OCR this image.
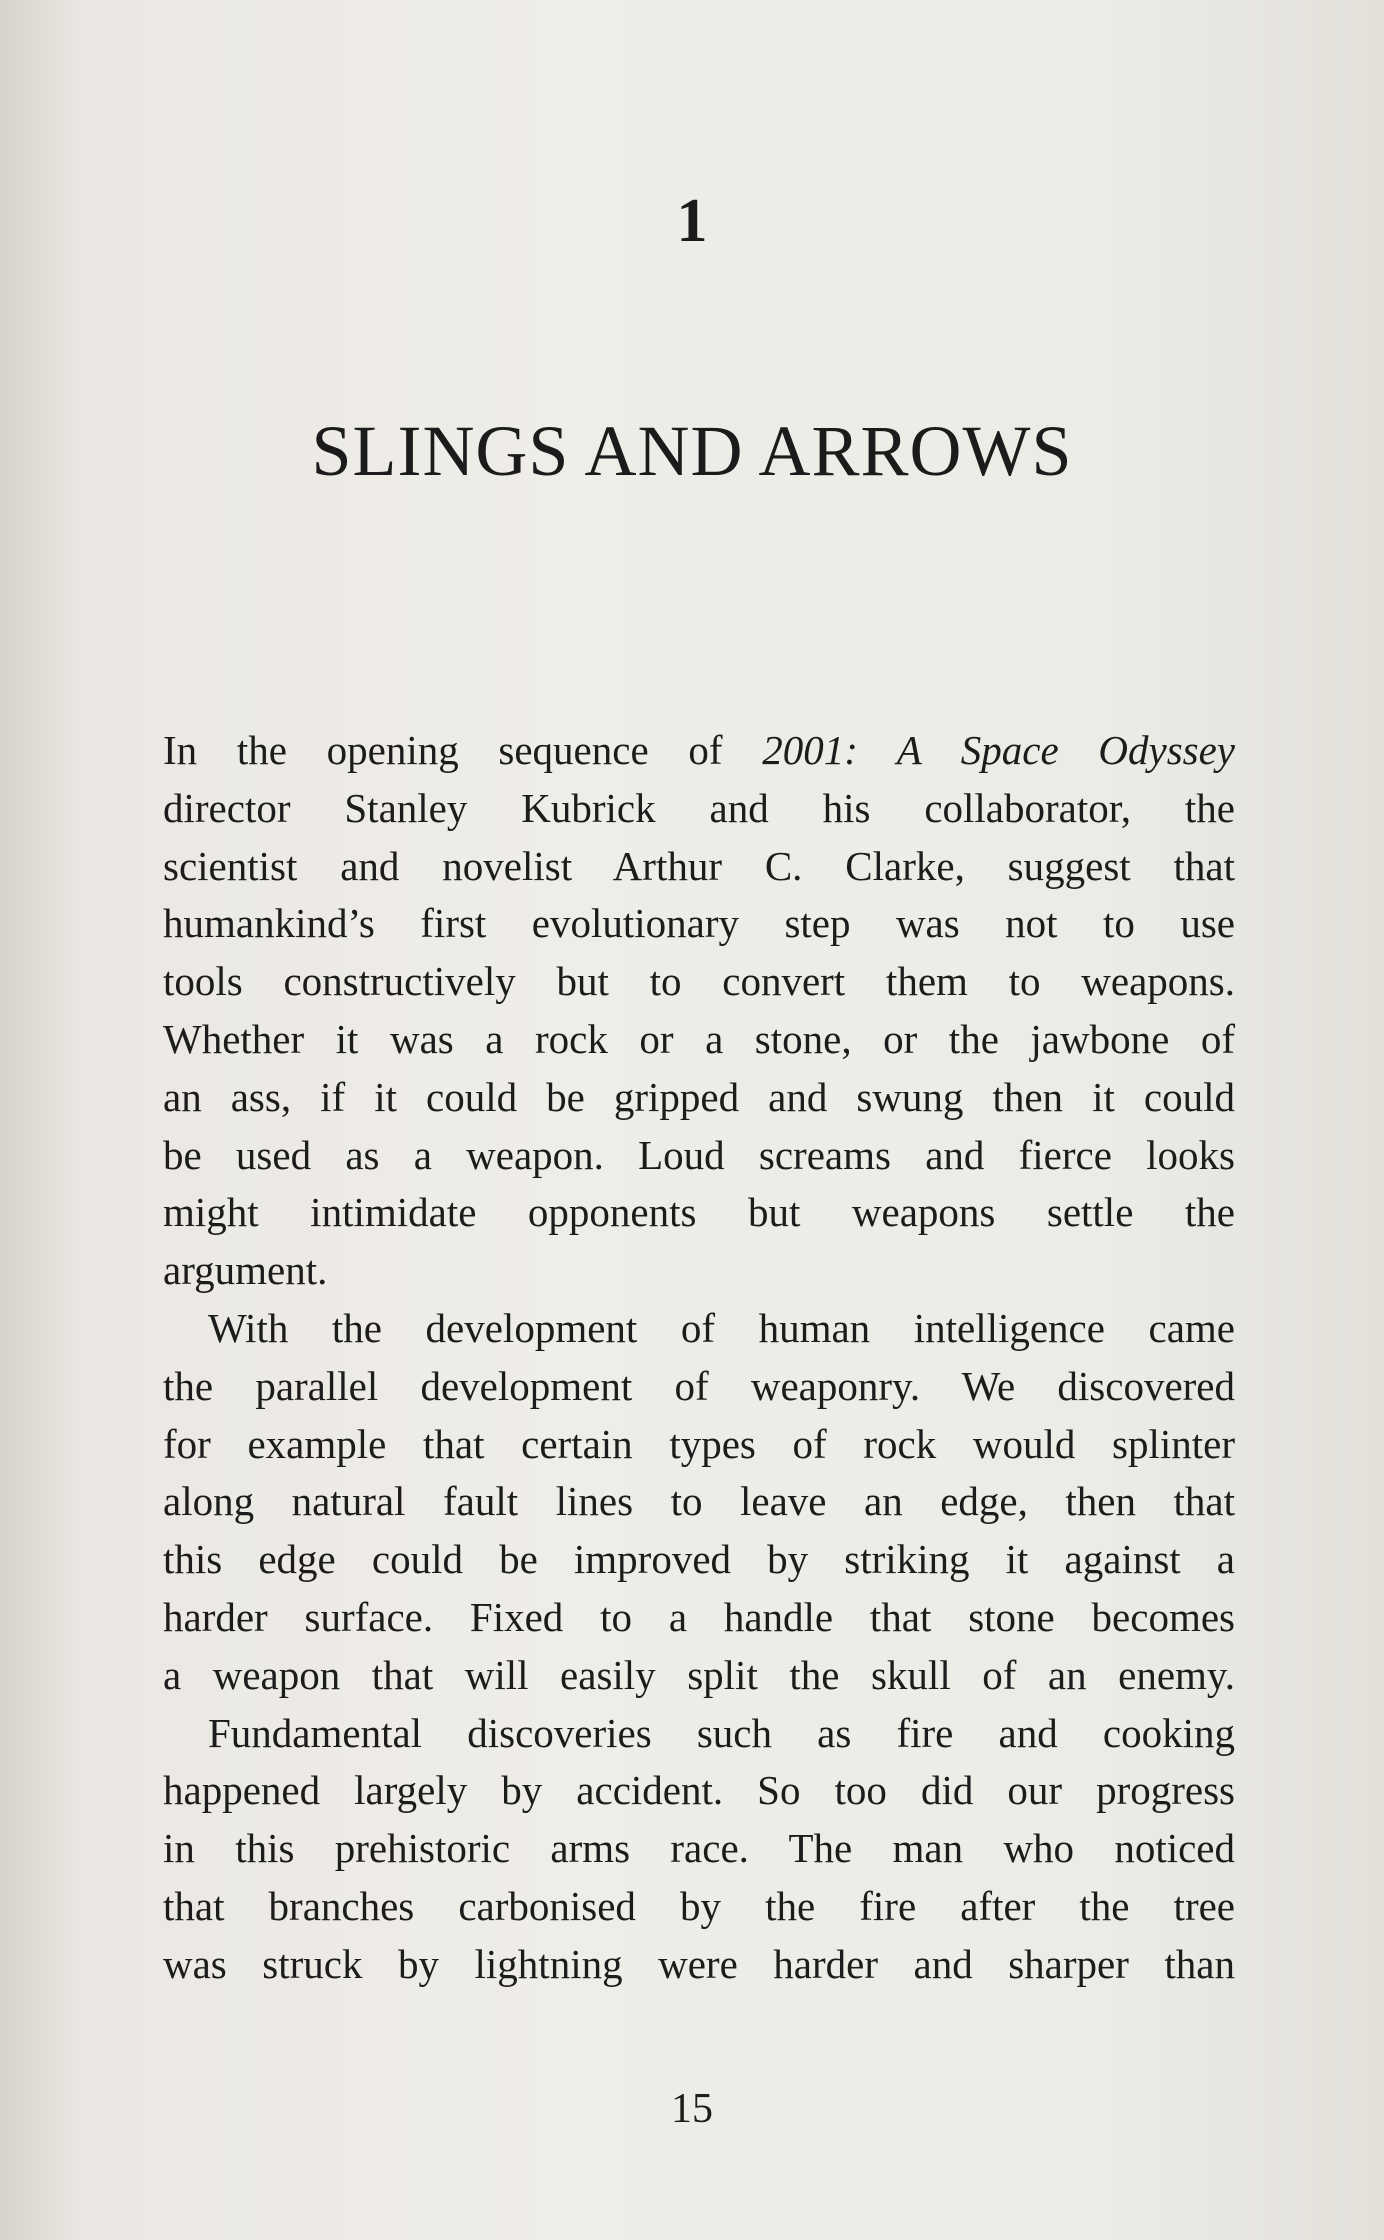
1
SLINGS AND ARROWS
In the opening sequence of 2001: A Space Odyssey
director Stanley Kubrick and his collaborator, the
scientist and novelist Arthur C. Clarke, suggest that
humankind’s first evolutionary step was not to use
tools constructively but to convert them to weapons.
Whether it was a rock or a stone, or the jawbone of
an ass, if it could be gripped and swung then it could
be used as a weapon. Loud screams and fierce looks
might intimidate opponents but weapons settle the
argument.
With the development of human intelligence came
the parallel development of weaponry. We discovered
for example that certain types of rock would splinter
along natural fault lines to leave an edge, then that
this edge could be improved by striking it against a
harder surface. Fixed to a handle that stone becomes
a weapon that will easily split the skull of an enemy.
Fundamental discoveries such as fire and cooking
happened largely by accident. So too did our progress
in this prehistoric arms race. The man who noticed
that branches carbonised by the fire after the tree
was struck by lightning were harder and sharper than
15
